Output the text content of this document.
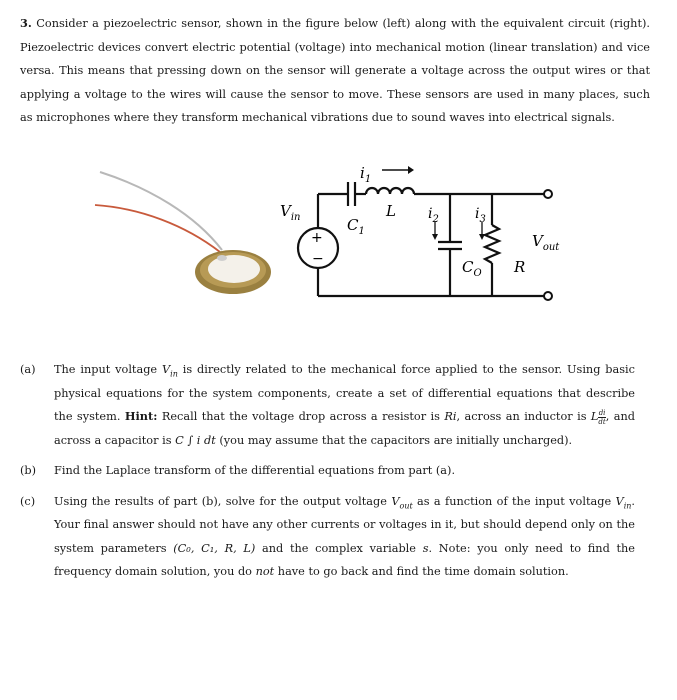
3. Consider a piezoelectric sensor, shown in the figure below (left) along with the equivalent circuit (right). Piezoelectric devices convert electric potential (voltage) into mechanical motion (linear translation) and vice versa. This means that pressing down on the sensor will generate a voltage across the output wires or that applying a voltage to the wires will cause the sensor to move. These sensors are used in many places, such as microphones where they transform mechanical vibrations due to sound waves into electrical signals.
$i_1$
$V_{in}$
+
−
$C_1$
L $i_2$	$i_3$
$C_O$ R
$V_{out}$
(a) The input voltage $V_{in}$ is directly related to the mechanical force applied to the sensor. Using basic physical equations for the system components, create a set of differential equations that describe the system. Hint: Recall that the voltage drop across a resistor is Ri, across an inductor is L $\frac{di}{dt}$ , and across a capacitor is C ∫ i dt (you may assume that the capacitors are initially uncharged).
(b) Find the Laplace transform of the differential equations from part (a).
(c) Using the results of part (b), solve for the output voltage $V_{out}$ as a function of the input voltage $V_{in}$. Your final answer should not have any other currents or voltages in it, but should depend only on the system parameters (C₀, C₁, R, L) and the complex variable s. Note: you only need to find the frequency domain solution, you do not have to go back and find the time domain solution.
